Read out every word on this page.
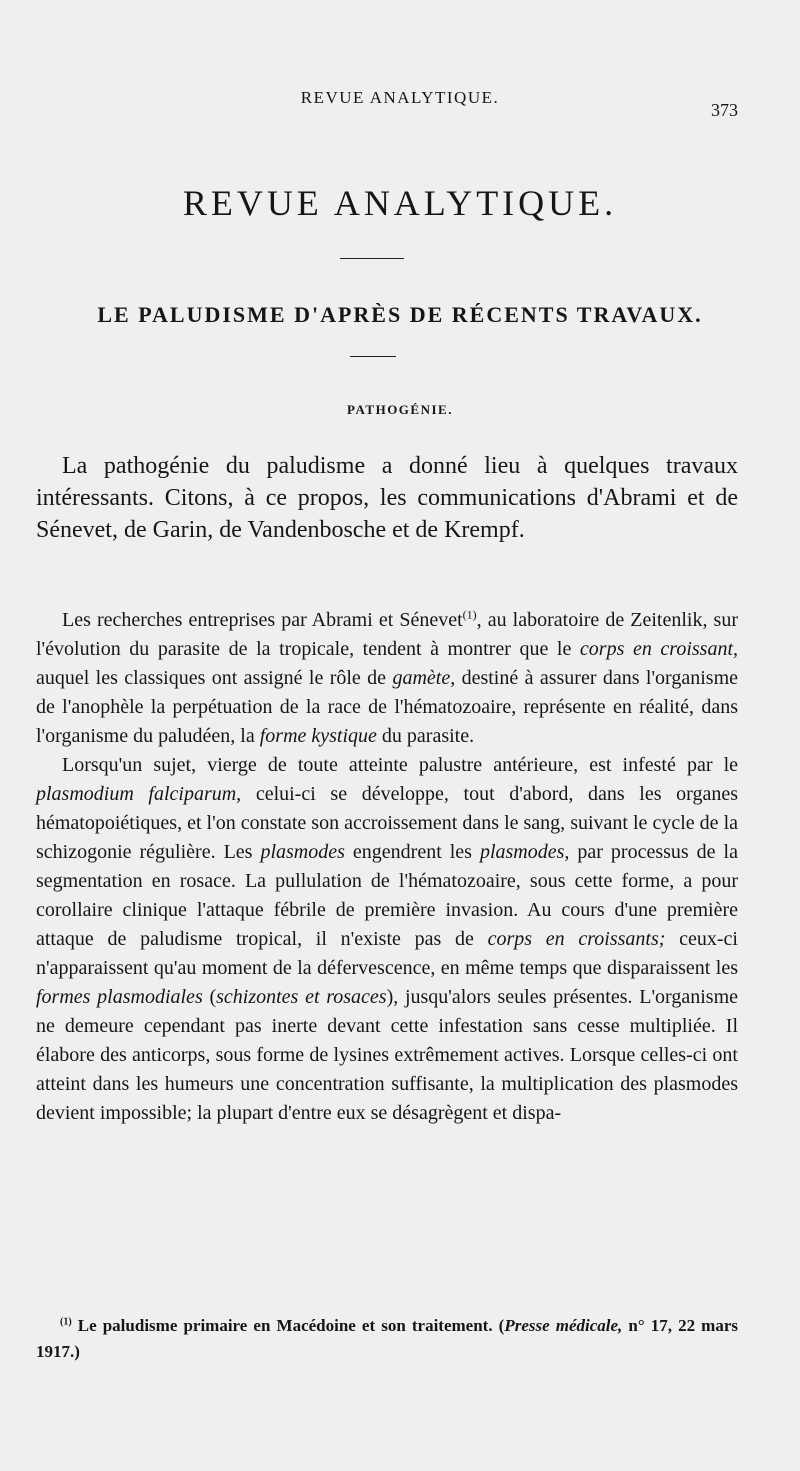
REVUE ANALYTIQUE.
373
REVUE ANALYTIQUE.
LE PALUDISME D'APRÈS DE RÉCENTS TRAVAUX.
PATHOGÉNIE.

La pathogénie du paludisme a donné lieu à quelques travaux intéressants. Citons, à ce propos, les communications d'Abrami et de Sénevet, de Garin, de Vandenbosche et de Krempf.

Les recherches entreprises par Abrami et Sénevet$^{(1)}$, au laboratoire de Zeitenlik, sur l'évolution du parasite de la tropicale, tendent à montrer que le corps en croissant, auquel les classiques ont assigné le rôle de gamète, destiné à assurer dans l'organisme de l'anophèle la perpétuation de la race de l'hématozoaire, représente en réalité, dans l'organisme du paludéen, la forme kystique du parasite.

Lorsqu'un sujet, vierge de toute atteinte palustre antérieure, est infesté par le plasmodium falciparum, celui-ci se développe, tout d'abord, dans les organes hématopoiétiques, et l'on constate son accroissement dans le sang, suivant le cycle de la schizogonie régulière. Les plasmodes engendrent les plasmodes, par processus de la segmentation en rosace. La pullulation de l'hématozoaire, sous cette forme, a pour corollaire clinique l'attaque fébrile de première invasion. Au cours d'une première attaque de paludisme tropical, il n'existe pas de corps en croissants; ceux-ci n'apparaissent qu'au moment de la défervescence, en même temps que disparaissent les formes plasmodiales (schizontes et rosaces), jusqu'alors seules présentes. L'organisme ne demeure cependant pas inerte devant cette infestation sans cesse multipliée. Il élabore des anticorps, sous forme de lysines extrêmement actives. Lorsque celles-ci ont atteint dans les humeurs une concentration suffisante, la multiplication des plasmodes devient impossible; la plupart d'entre eux se désagrègent et dispa-

$^{(1)}$ Le paludisme primaire en Macédoine et son traitement. (Presse médicale, n° 17, 22 mars 1917.)
